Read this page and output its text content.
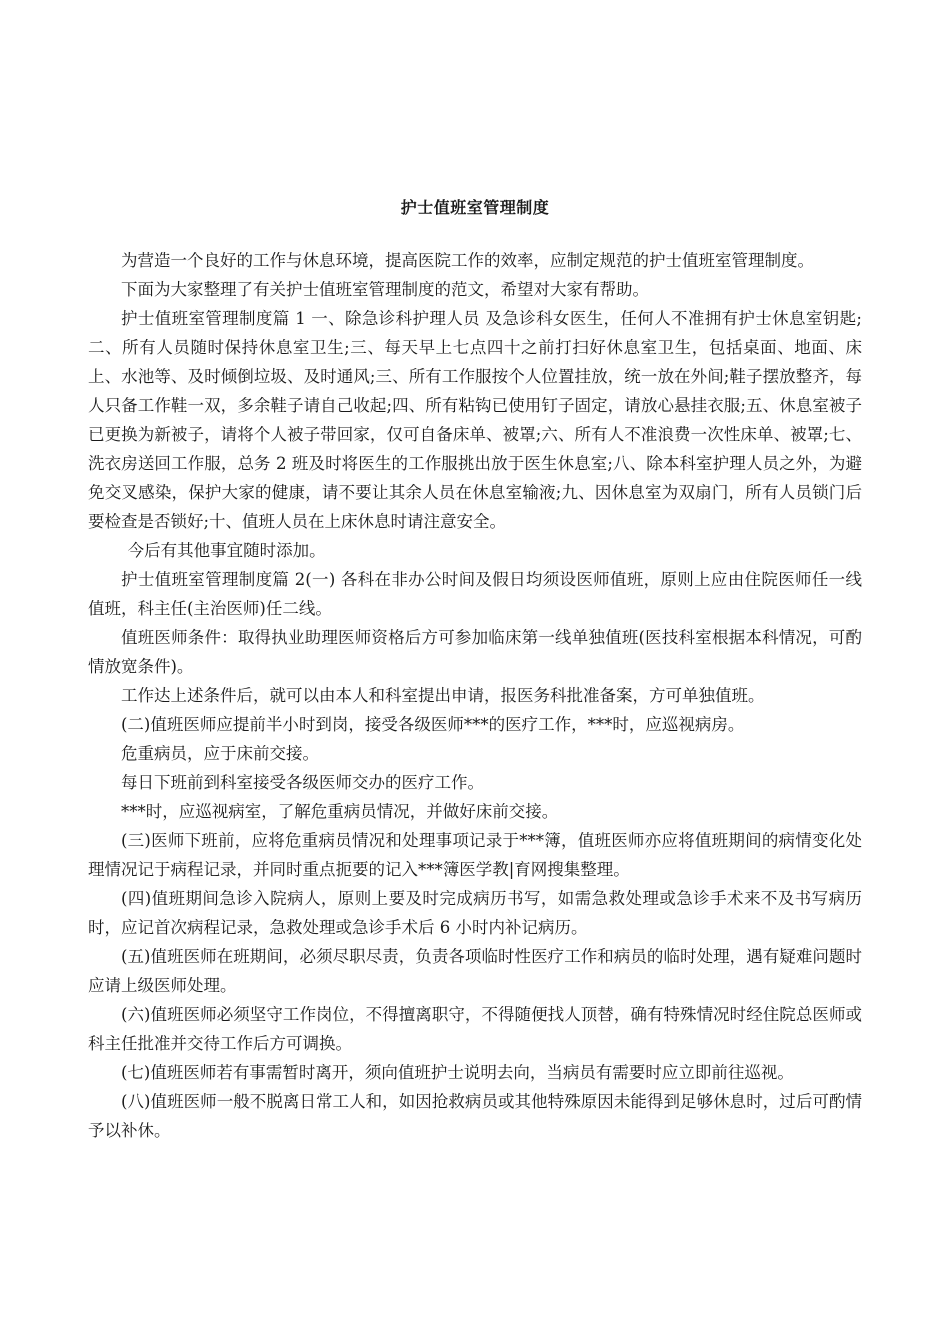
护士值班室管理制度

为营造一个良好的工作与休息环境，提高医院工作的效率，应制定规范的护士值班室管理制度。

下面为大家整理了有关护士值班室管理制度的范文，希望对大家有帮助。

护士值班室管理制度篇 1 一、除急诊科护理人员 及急诊科女医生，任何人不准拥有护士休息室钥匙;二、所有人员随时保持休息室卫生;三、每天早上七点四十之前打扫好休息室卫生，包括桌面、地面、床上、水池等、及时倾倒垃圾、及时通风;三、所有工作服按个人位置挂放，统一放在外间;鞋子摆放整齐，每人只备工作鞋一双，多余鞋子请自己收起;四、所有粘钩已使用钉子固定，请放心悬挂衣服;五、休息室被子已更换为新被子，请将个人被子带回家，仅可自备床单、被罩;六、所有人不准浪费一次性床单、被罩;七、洗衣房送回工作服，总务 2 班及时将医生的工作服挑出放于医生休息室;八、除本科室护理人员之外，为避免交叉感染，保护大家的健康，请不要让其余人员在休息室输液;九、因休息室为双扇门，所有人员锁门后要检查是否锁好;十、值班人员在上床休息时请注意安全。

今后有其他事宜随时添加。

护士值班室管理制度篇 2(一) 各科在非办公时间及假日均须设医师值班，原则上应由住院医师任一线值班，科主任(主治医师)任二线。

值班医师条件：取得执业助理医师资格后方可参加临床第一线单独值班(医技科室根据本科情况，可酌情放宽条件)。

工作达上述条件后，就可以由本人和科室提出申请，报医务科批准备案，方可单独值班。

(二)值班医师应提前半小时到岗，接受各级医师***的医疗工作，***时，应巡视病房。

危重病员，应于床前交接。

每日下班前到科室接受各级医师交办的医疗工作。

***时，应巡视病室，了解危重病员情况，并做好床前交接。

(三)医师下班前，应将危重病员情况和处理事项记录于***簿，值班医师亦应将值班期间的病情变化处理情况记于病程记录，并同时重点扼要的记入***簿医学教|育网搜集整理。

(四)值班期间急诊入院病人，原则上要及时完成病历书写，如需急救处理或急诊手术来不及书写病历时，应记首次病程记录，急救处理或急诊手术后 6 小时内补记病历。

(五)值班医师在班期间，必须尽职尽责，负责各项临时性医疗工作和病员的临时处理，遇有疑难问题时应请上级医师处理。

(六)值班医师必须坚守工作岗位，不得擅离职守，不得随便找人顶替，确有特殊情况时经住院总医师或科主任批准并交待工作后方可调换。

(七)值班医师若有事需暂时离开，须向值班护士说明去向，当病员有需要时应立即前往巡视。

(八)值班医师一般不脱离日常工人和，如因抢救病员或其他特殊原因未能得到足够休息时，过后可酌情予以补休。
